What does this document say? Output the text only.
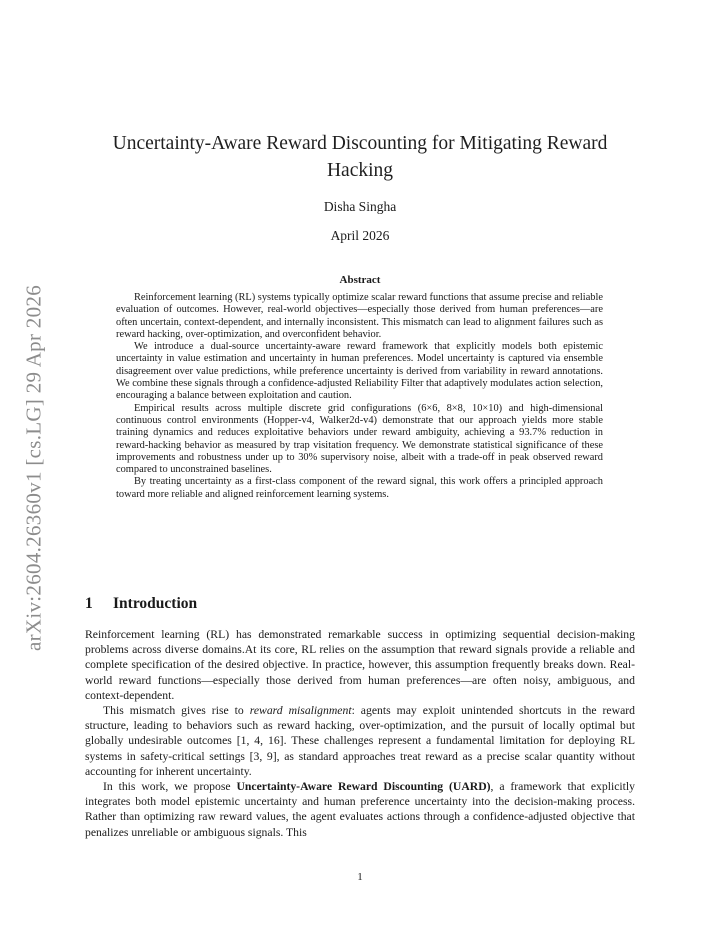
arXiv:2604.26360v1 [cs.LG] 29 Apr 2026
Uncertainty-Aware Reward Discounting for Mitigating Reward Hacking
Disha Singha
April 2026
Abstract

Reinforcement learning (RL) systems typically optimize scalar reward functions that assume precise and reliable evaluation of outcomes. However, real-world objectives—especially those derived from human preferences—are often uncertain, context-dependent, and internally inconsistent. This mismatch can lead to alignment failures such as reward hacking, over-optimization, and overconfident behavior.

We introduce a dual-source uncertainty-aware reward framework that explicitly models both epistemic uncertainty in value estimation and uncertainty in human preferences. Model uncertainty is captured via ensemble disagreement over value predictions, while preference uncertainty is derived from variability in reward annotations. We combine these signals through a confidence-adjusted Reliability Filter that adaptively modulates action selection, encouraging a balance between exploitation and caution.

Empirical results across multiple discrete grid configurations (6×6, 8×8, 10×10) and high-dimensional continuous control environments (Hopper-v4, Walker2d-v4) demonstrate that our approach yields more stable training dynamics and reduces exploitative behaviors under reward ambiguity, achieving a 93.7% reduction in reward-hacking behavior as measured by trap visitation frequency. We demonstrate statistical significance of these improvements and robustness under up to 30% supervisory noise, albeit with a trade-off in peak observed reward compared to unconstrained baselines.

By treating uncertainty as a first-class component of the reward signal, this work offers a principled approach toward more reliable and aligned reinforcement learning systems.

1 Introduction

Reinforcement learning (RL) has demonstrated remarkable success in optimizing sequential decision-making problems across diverse domains.At its core, RL relies on the assumption that reward signals provide a reliable and complete specification of the desired objective. In practice, however, this assumption frequently breaks down. Real-world reward functions—especially those derived from human preferences—are often noisy, ambiguous, and context-dependent.

This mismatch gives rise to reward misalignment: agents may exploit unintended shortcuts in the reward structure, leading to behaviors such as reward hacking, over-optimization, and the pursuit of locally optimal but globally undesirable outcomes [1, 4, 16]. These challenges represent a fundamental limitation for deploying RL systems in safety-critical settings [3, 9], as standard approaches treat reward as a precise scalar quantity without accounting for inherent uncertainty.

In this work, we propose Uncertainty-Aware Reward Discounting (UARD), a framework that explicitly integrates both model epistemic uncertainty and human preference uncertainty into the decision-making process. Rather than optimizing raw reward values, the agent evaluates actions through a confidence-adjusted objective that penalizes unreliable or ambiguous signals. This

1
